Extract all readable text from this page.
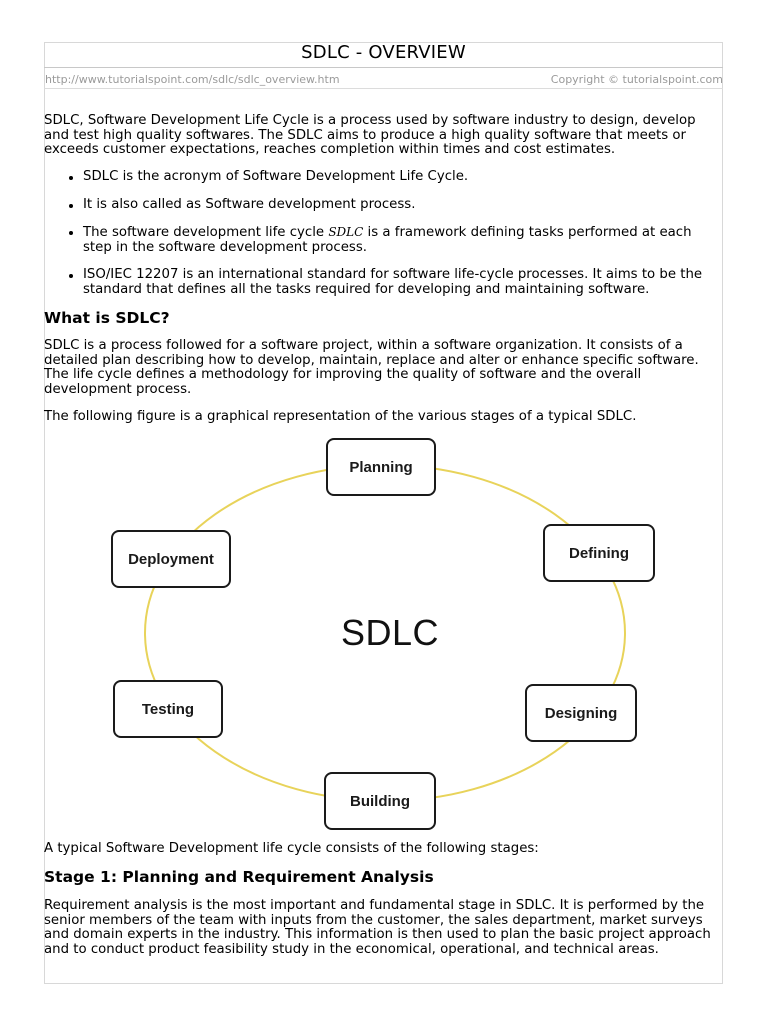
SDLC - OVERVIEW
http://www.tutorialspoint.com/sdlc/sdlc_overview.htm	Copyright © tutorialspoint.com

SDLC, Software Development Life Cycle is a process used by software industry to design, develop and test high quality softwares. The SDLC aims to produce a high quality software that meets or exceeds customer expectations, reaches completion within times and cost estimates.

SDLC is the acronym of Software Development Life Cycle.
It is also called as Software development process.
The software development life cycle SDLC is a framework defining tasks performed at each step in the software development process.
ISO/IEC 12207 is an international standard for software life-cycle processes. It aims to be the standard that defines all the tasks required for developing and maintaining software.
What is SDLC?

SDLC is a process followed for a software project, within a software organization. It consists of a detailed plan describing how to develop, maintain, replace and alter or enhance specific software. The life cycle defines a methodology for improving the quality of software and the overall development process.

The following figure is a graphical representation of the various stages of a typical SDLC.

SDLC
Planning
Defining
Designing
Building
Testing
Deployment

A typical Software Development life cycle consists of the following stages:

Stage 1: Planning and Requirement Analysis

Requirement analysis is the most important and fundamental stage in SDLC. It is performed by the senior members of the team with inputs from the customer, the sales department, market surveys and domain experts in the industry. This information is then used to plan the basic project approach and to conduct product feasibility study in the economical, operational, and technical areas.
